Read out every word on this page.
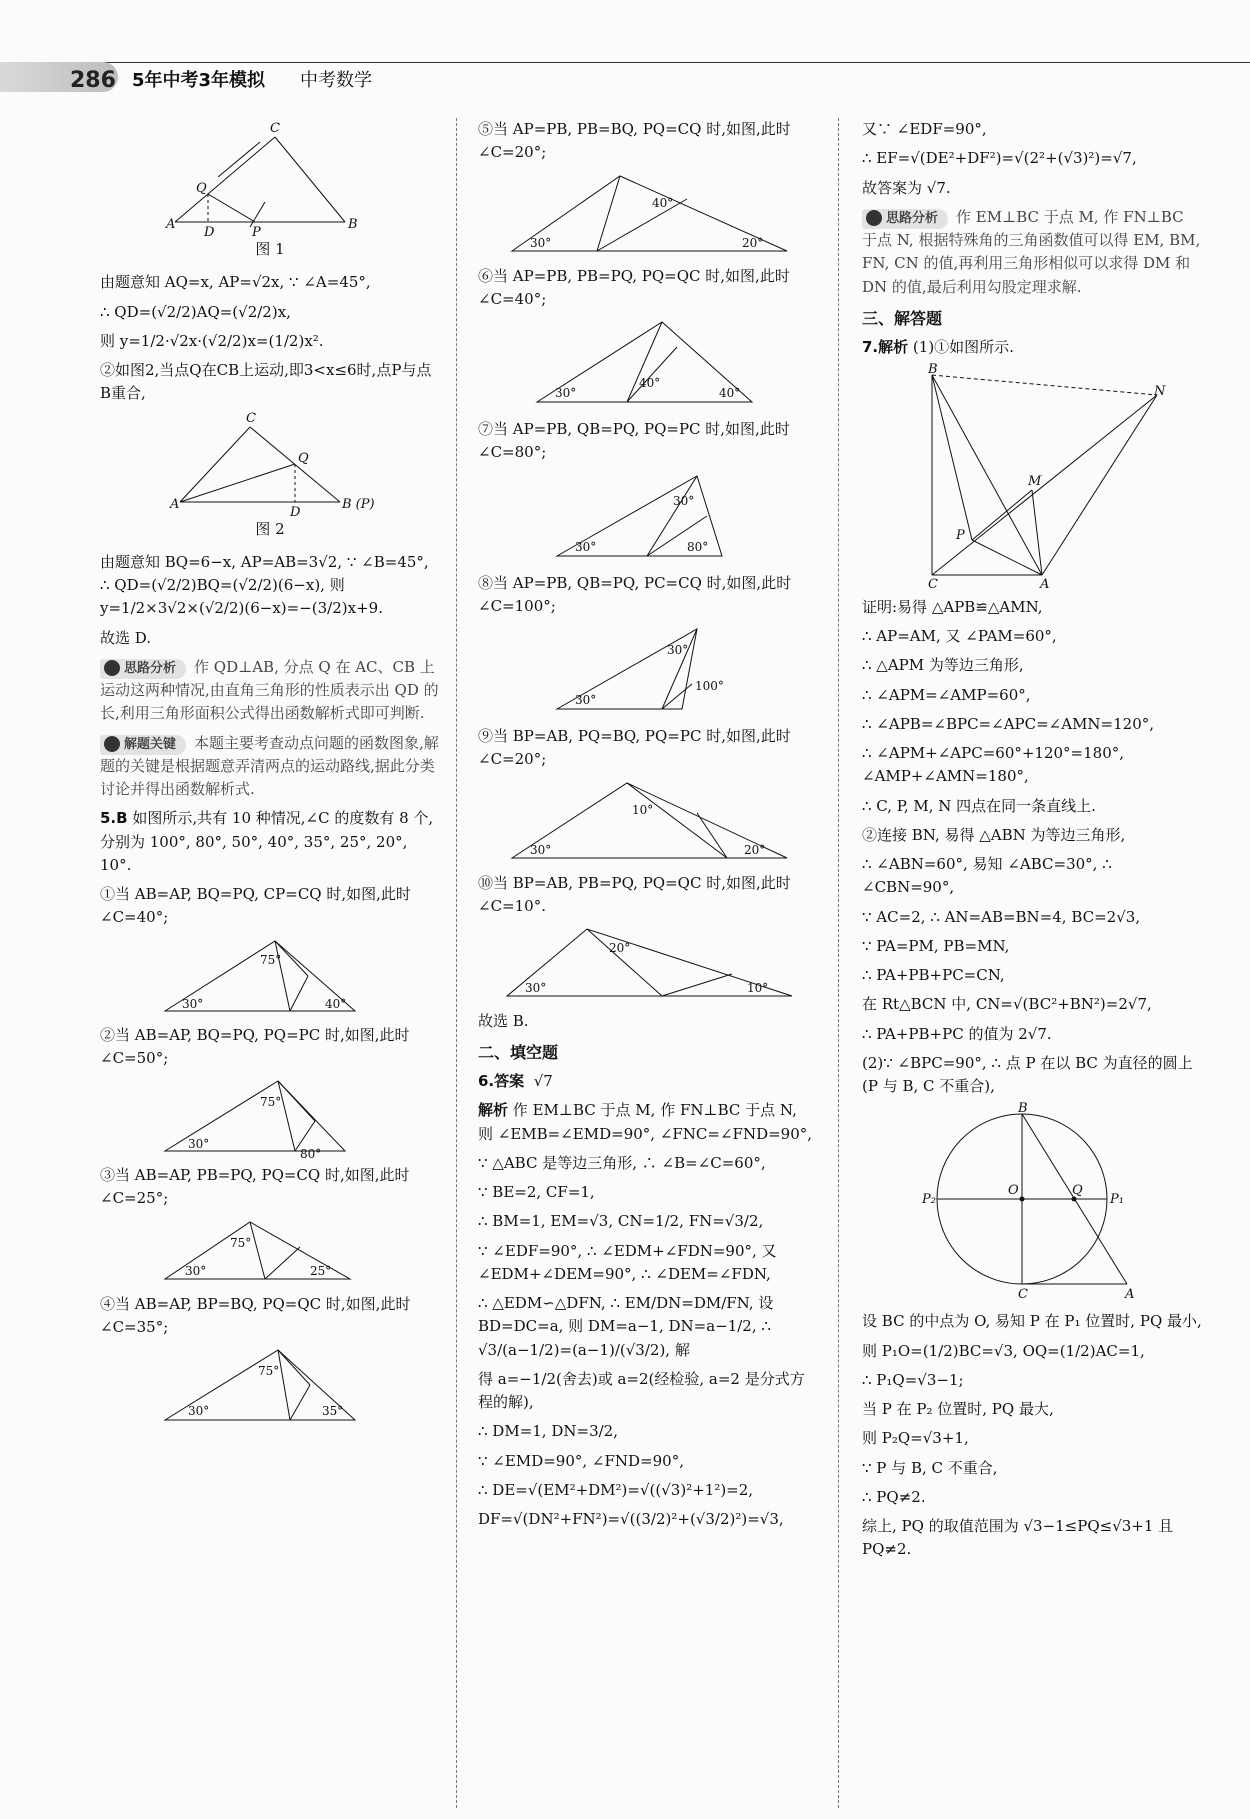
286 5年中考3年模拟 中考数学
C
Q
A
D	P
B
图 1

由题意知 AQ=x, AP=√2x, ∵ ∠A=45°,

∴ QD=(√2/2)AQ=(√2/2)x,

则 y=1/2·√2x·(√2/2)x=(1/2)x².

②如图2,当点Q在CB上运动,即3<x≤6时,点P与点B重合,

C
Q
A
D
B (P)
图 2

由题意知 BQ=6−x, AP=AB=3√2, ∵ ∠B=45°, ∴ QD=(√2/2)BQ=(√2/2)(6−x), 则 y=1/2×3√2×(√2/2)(6−x)=−(3/2)x+9.

故选 D.

思路分析 作 QD⊥AB, 分点 Q 在 AC、CB 上运动这两种情况,由直角三角形的性质表示出 QD 的长,利用三角形面积公式得出函数解析式即可判断.

解题关键 本题主要考查动点问题的函数图象,解题的关键是根据题意弄清两点的运动路线,据此分类讨论并得出函数解析式.

5.B 如图所示,共有 10 种情况,∠C 的度数有 8 个,分别为 100°, 80°, 50°, 40°, 35°, 25°, 20°, 10°.

①当 AB=AP, BQ=PQ, CP=CQ 时,如图,此时 ∠C=40°;

30°
75°
40°

②当 AB=AP, BQ=PQ, PQ=PC 时,如图,此时 ∠C=50°;

30°
75°
80°

③当 AB=AP, PB=PQ, PQ=CQ 时,如图,此时 ∠C=25°;

30°
75°
25°

④当 AB=AP, BP=BQ, PQ=QC 时,如图,此时 ∠C=35°;

30°
75°
35°

⑤当 AP=PB, PB=BQ, PQ=CQ 时,如图,此时 ∠C=20°;

30°	20°
40°

⑥当 AP=PB, PB=PQ, PQ=QC 时,如图,此时 ∠C=40°;

30°	40°
40°

⑦当 AP=PB, QB=PQ, PQ=PC 时,如图,此时 ∠C=80°;

30°	80°
30°

⑧当 AP=PB, QB=PQ, PC=CQ 时,如图,此时 ∠C=100°;

30°
100°
30°

⑨当 BP=AB, PQ=BQ, PQ=PC 时,如图,此时 ∠C=20°;

30°	20°
10°

⑩当 BP=AB, PB=PQ, PQ=QC 时,如图,此时 ∠C=10°.

30°	10°
20°

故选 B.

二、填空题

6.答案 √7

解析 作 EM⊥BC 于点 M, 作 FN⊥BC 于点 N, 则 ∠EMB=∠EMD=90°, ∠FNC=∠FND=90°,

∵ △ABC 是等边三角形, ∴ ∠B=∠C=60°,

∵ BE=2, CF=1,

∴ BM=1, EM=√3, CN=1/2, FN=√3/2,

∵ ∠EDF=90°, ∴ ∠EDM+∠FDN=90°, 又 ∠EDM+∠DEM=90°, ∴ ∠DEM=∠FDN,

∴ △EDM∽△DFN, ∴ EM/DN=DM/FN, 设 BD=DC=a, 则 DM=a−1, DN=a−1/2, ∴ √3/(a−1/2)=(a−1)/(√3/2), 解

得 a=−1/2(舍去)或 a=2(经检验, a=2 是分式方程的解),

∴ DM=1, DN=3/2,

∵ ∠EMD=90°, ∠FND=90°,

∴ DE=√(EM²+DM²)=√((√3)²+1²)=2,

DF=√(DN²+FN²)=√((3/2)²+(√3/2)²)=√3,

又∵ ∠EDF=90°,

∴ EF=√(DE²+DF²)=√(2²+(√3)²)=√7,

故答案为 √7.

思路分析 作 EM⊥BC 于点 M, 作 FN⊥BC 于点 N, 根据特殊角的三角函数值可以得 EM, BM, FN, CN 的值,再利用三角形相似可以求得 DM 和 DN 的值,最后利用勾股定理求解.

三、解答题

7.解析 (1)①如图所示.

B
N
M
P
C	A

证明:易得 △APB≌△AMN,

∴ AP=AM, 又 ∠PAM=60°,

∴ △APM 为等边三角形,

∴ ∠APM=∠AMP=60°,

∴ ∠APB=∠BPC=∠APC=∠AMN=120°,

∴ ∠APM+∠APC=60°+120°=180°, ∠AMP+∠AMN=180°,

∴ C, P, M, N 四点在同一条直线上.

②连接 BN, 易得 △ABN 为等边三角形,

∴ ∠ABN=60°, 易知 ∠ABC=30°, ∴ ∠CBN=90°,

∵ AC=2, ∴ AN=AB=BN=4, BC=2√3,

∵ PA=PM, PB=MN,

∴ PA+PB+PC=CN,

在 Rt△BCN 中, CN=√(BC²+BN²)=2√7,

∴ PA+PB+PC 的值为 2√7.

(2)∵ ∠BPC=90°, ∴ 点 P 在以 BC 为直径的圆上(P 与 B, C 不重合),

B
O	Q
P₂	P₁
C	A

设 BC 的中点为 O, 易知 P 在 P₁ 位置时, PQ 最小,

则 P₁O=(1/2)BC=√3, OQ=(1/2)AC=1,

∴ P₁Q=√3−1;

当 P 在 P₂ 位置时, PQ 最大,

则 P₂Q=√3+1,

∵ P 与 B, C 不重合,

∴ PQ≠2.

综上, PQ 的取值范围为 √3−1≤PQ≤√3+1 且 PQ≠2.
